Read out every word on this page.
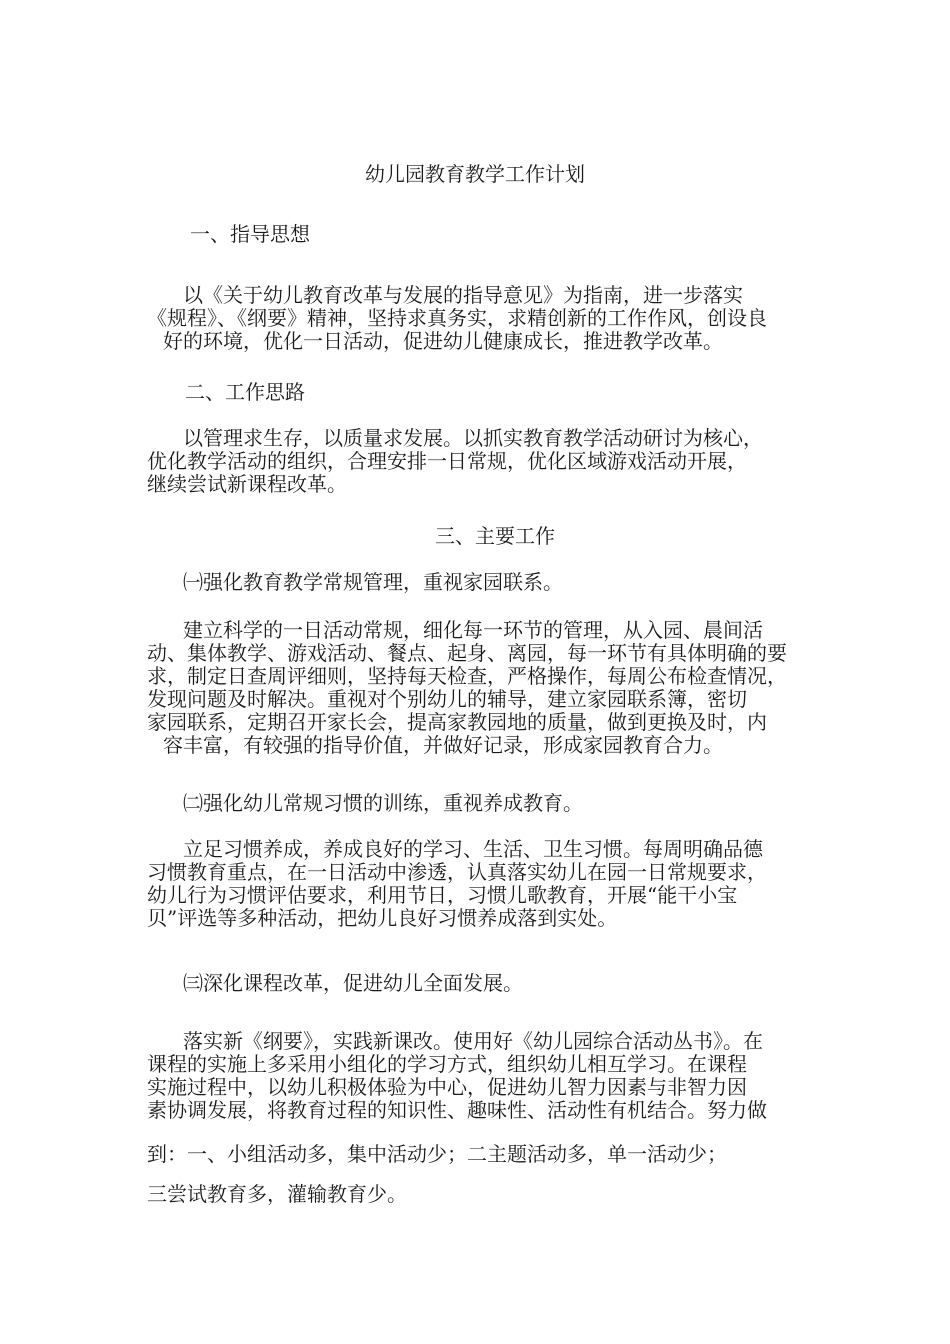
幼儿园教育教学工作计划
一、指导思想
以《关于幼儿教育改革与发展的指导意见》为指南，进一步落实
《规程》、《纲要》精神，坚持求真务实，求精创新的工作作风，创设良
好的环境，优化一日活动，促进幼儿健康成长，推进教学改革。
二、工作思路
以管理求生存，以质量求发展。以抓实教育教学活动研讨为核心，
优化教学活动的组织，合理安排一日常规，优化区域游戏活动开展，
继续尝试新课程改革。
三、主要工作
㈠强化教育教学常规管理，重视家园联系。
建立科学的一日活动常规，细化每一环节的管理，从入园、晨间活
动、集体教学、游戏活动、餐点、起身、离园，每一环节有具体明确的要
求，制定日查周评细则，坚持每天检查，严格操作，每周公布检查情况，
发现问题及时解决。重视对个别幼儿的辅导，建立家园联系簿，密切
家园联系，定期召开家长会，提高家教园地的质量，做到更换及时，内
容丰富，有较强的指导价值，并做好记录，形成家园教育合力。
㈡强化幼儿常规习惯的训练，重视养成教育。
立足习惯养成，养成良好的学习、生活、卫生习惯。每周明确品德
习惯教育重点，在一日活动中渗透，认真落实幼儿在园一日常规要求，
幼儿行为习惯评估要求，利用节日，习惯儿歌教育，开展“能干小宝
贝”评选等多种活动，把幼儿良好习惯养成落到实处。
㈢深化课程改革，促进幼儿全面发展。
落实新《纲要》，实践新课改。使用好《幼儿园综合活动丛书》。在
课程的实施上多采用小组化的学习方式，组织幼儿相互学习。在课程
实施过程中，以幼儿积极体验为中心，促进幼儿智力因素与非智力因
素协调发展，将教育过程的知识性、趣味性、活动性有机结合。努力做
到：一、小组活动多，集中活动少；二主题活动多，单一活动少；
三尝试教育多，灌输教育少。
